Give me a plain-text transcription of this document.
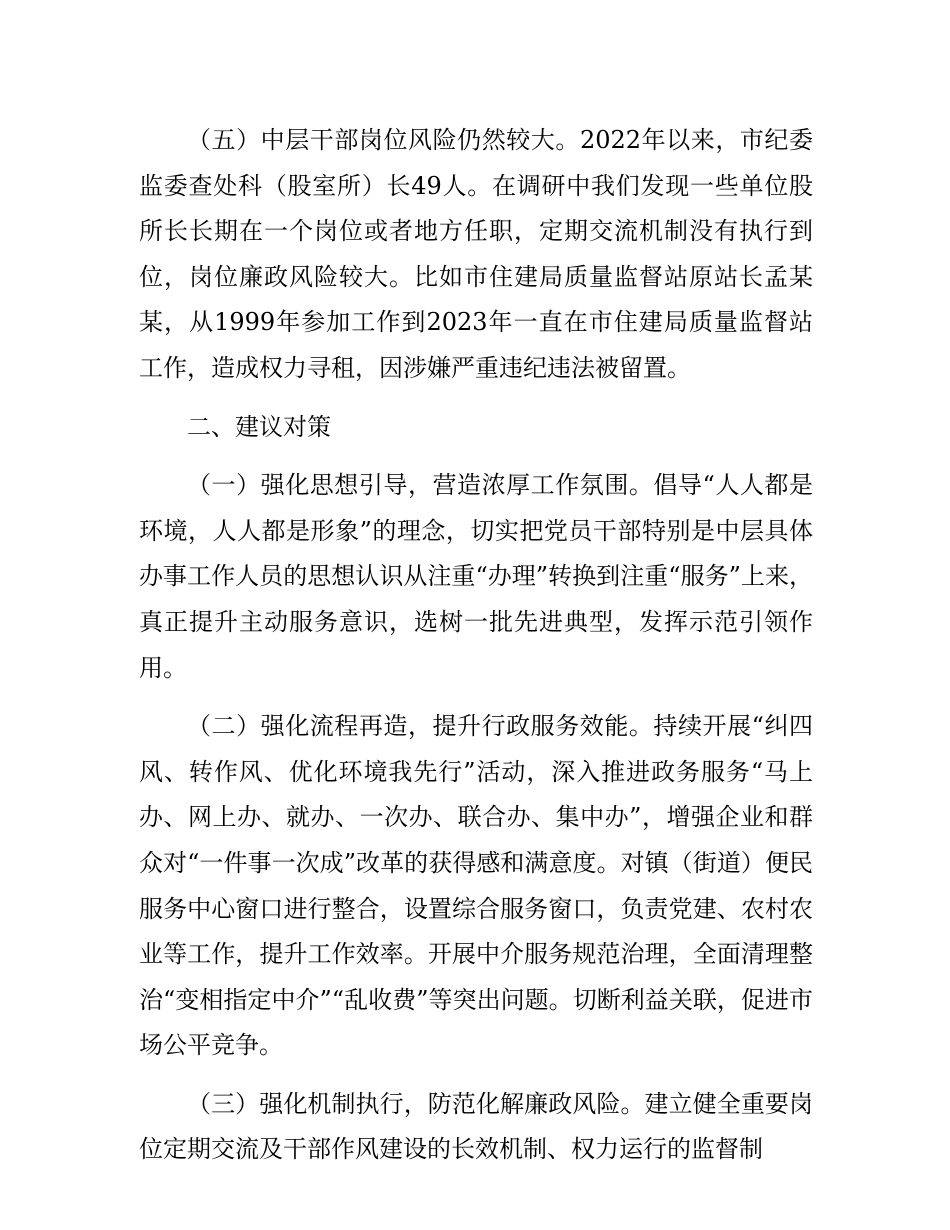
（五）中层干部岗位风险仍然较大。2022年以来，市纪委监委查处科（股室所）长49人。在调研中我们发现一些单位股所长长期在一个岗位或者地方任职，定期交流机制没有执行到位，岗位廉政风险较大。比如市住建局质量监督站原站长孟某某，从1999年参加工作到2023年一直在市住建局质量监督站工作，造成权力寻租，因涉嫌严重违纪违法被留置。

二、建议对策

（一）强化思想引导，营造浓厚工作氛围。倡导“人人都是环境，人人都是形象”的理念，切实把党员干部特别是中层具体办事工作人员的思想认识从注重“办理”转换到注重“服务”上来，真正提升主动服务意识，选树一批先进典型，发挥示范引领作用。

（二）强化流程再造，提升行政服务效能。持续开展“纠四风、转作风、优化环境我先行”活动，深入推进政务服务“马上办、网上办、就办、一次办、联合办、集中办”，增强企业和群众对“一件事一次成”改革的获得感和满意度。对镇（街道）便民服务中心窗口进行整合，设置综合服务窗口，负责党建、农村农业等工作，提升工作效率。开展中介服务规范治理，全面清理整治“变相指定中介”“乱收费”等突出问题。切断利益关联，促进市场公平竞争。

（三）强化机制执行，防范化解廉政风险。建立健全重要岗位定期交流及干部作风建设的长效机制、权力运行的监督制
